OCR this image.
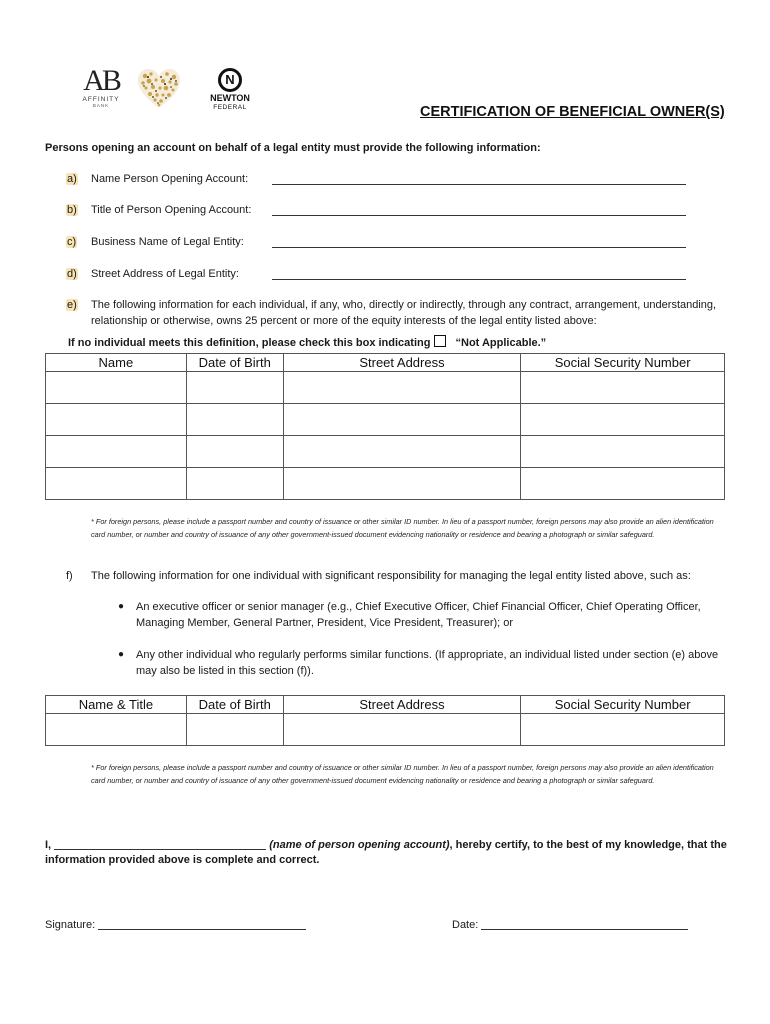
AB
AFFINITY
BANK
N
NEWTON
FEDERAL	CERTIFICATION OF BENEFICIAL OWNER(S)
Persons opening an account on behalf of a legal entity must provide the following information:
a) Name Person Opening Account:
b) Title of Person Opening Account:
c) Business Name of Legal Entity:
d) Street Address of Legal Entity:
e) The following information for each individual, if any, who, directly or indirectly, through any contract, arrangement, understanding, relationship or otherwise, owns 25 percent or more of the equity interests of the legal entity listed above:
If no individual meets this definition, please check this box indicating “Not Applicable.”
Name	Date of Birth	Street Address	Social Security Number

* For foreign persons, please include a passport number and country of issuance or other similar ID number. In lieu of a passport number, foreign persons may also provide an alien identification card number, or number and country of issuance of any other government-issued document evidencing nationality or residence and bearing a photograph or similar safeguard.
f) The following information for one individual with significant responsibility for managing the legal entity listed above, such as:
● An executive officer or senior manager (e.g., Chief Executive Officer, Chief Financial Officer, Chief Operating Officer, Managing Member, General Partner, President, Vice President, Treasurer); or
● Any other individual who regularly performs similar functions. (If appropriate, an individual listed under section (e) above may also be listed in this section (f)).
Name & Title	Date of Birth	Street Address	Social Security Number

* For foreign persons, please include a passport number and country of issuance or other similar ID number. In lieu of a passport number, foreign persons may also provide an alien identification card number, or number and country of issuance of any other government-issued document evidencing nationality or residence and bearing a photograph or similar safeguard.
I,	(name of person opening account), hereby certify, to the best of my knowledge, that the information provided above is complete and correct.
Signature:	Date:
